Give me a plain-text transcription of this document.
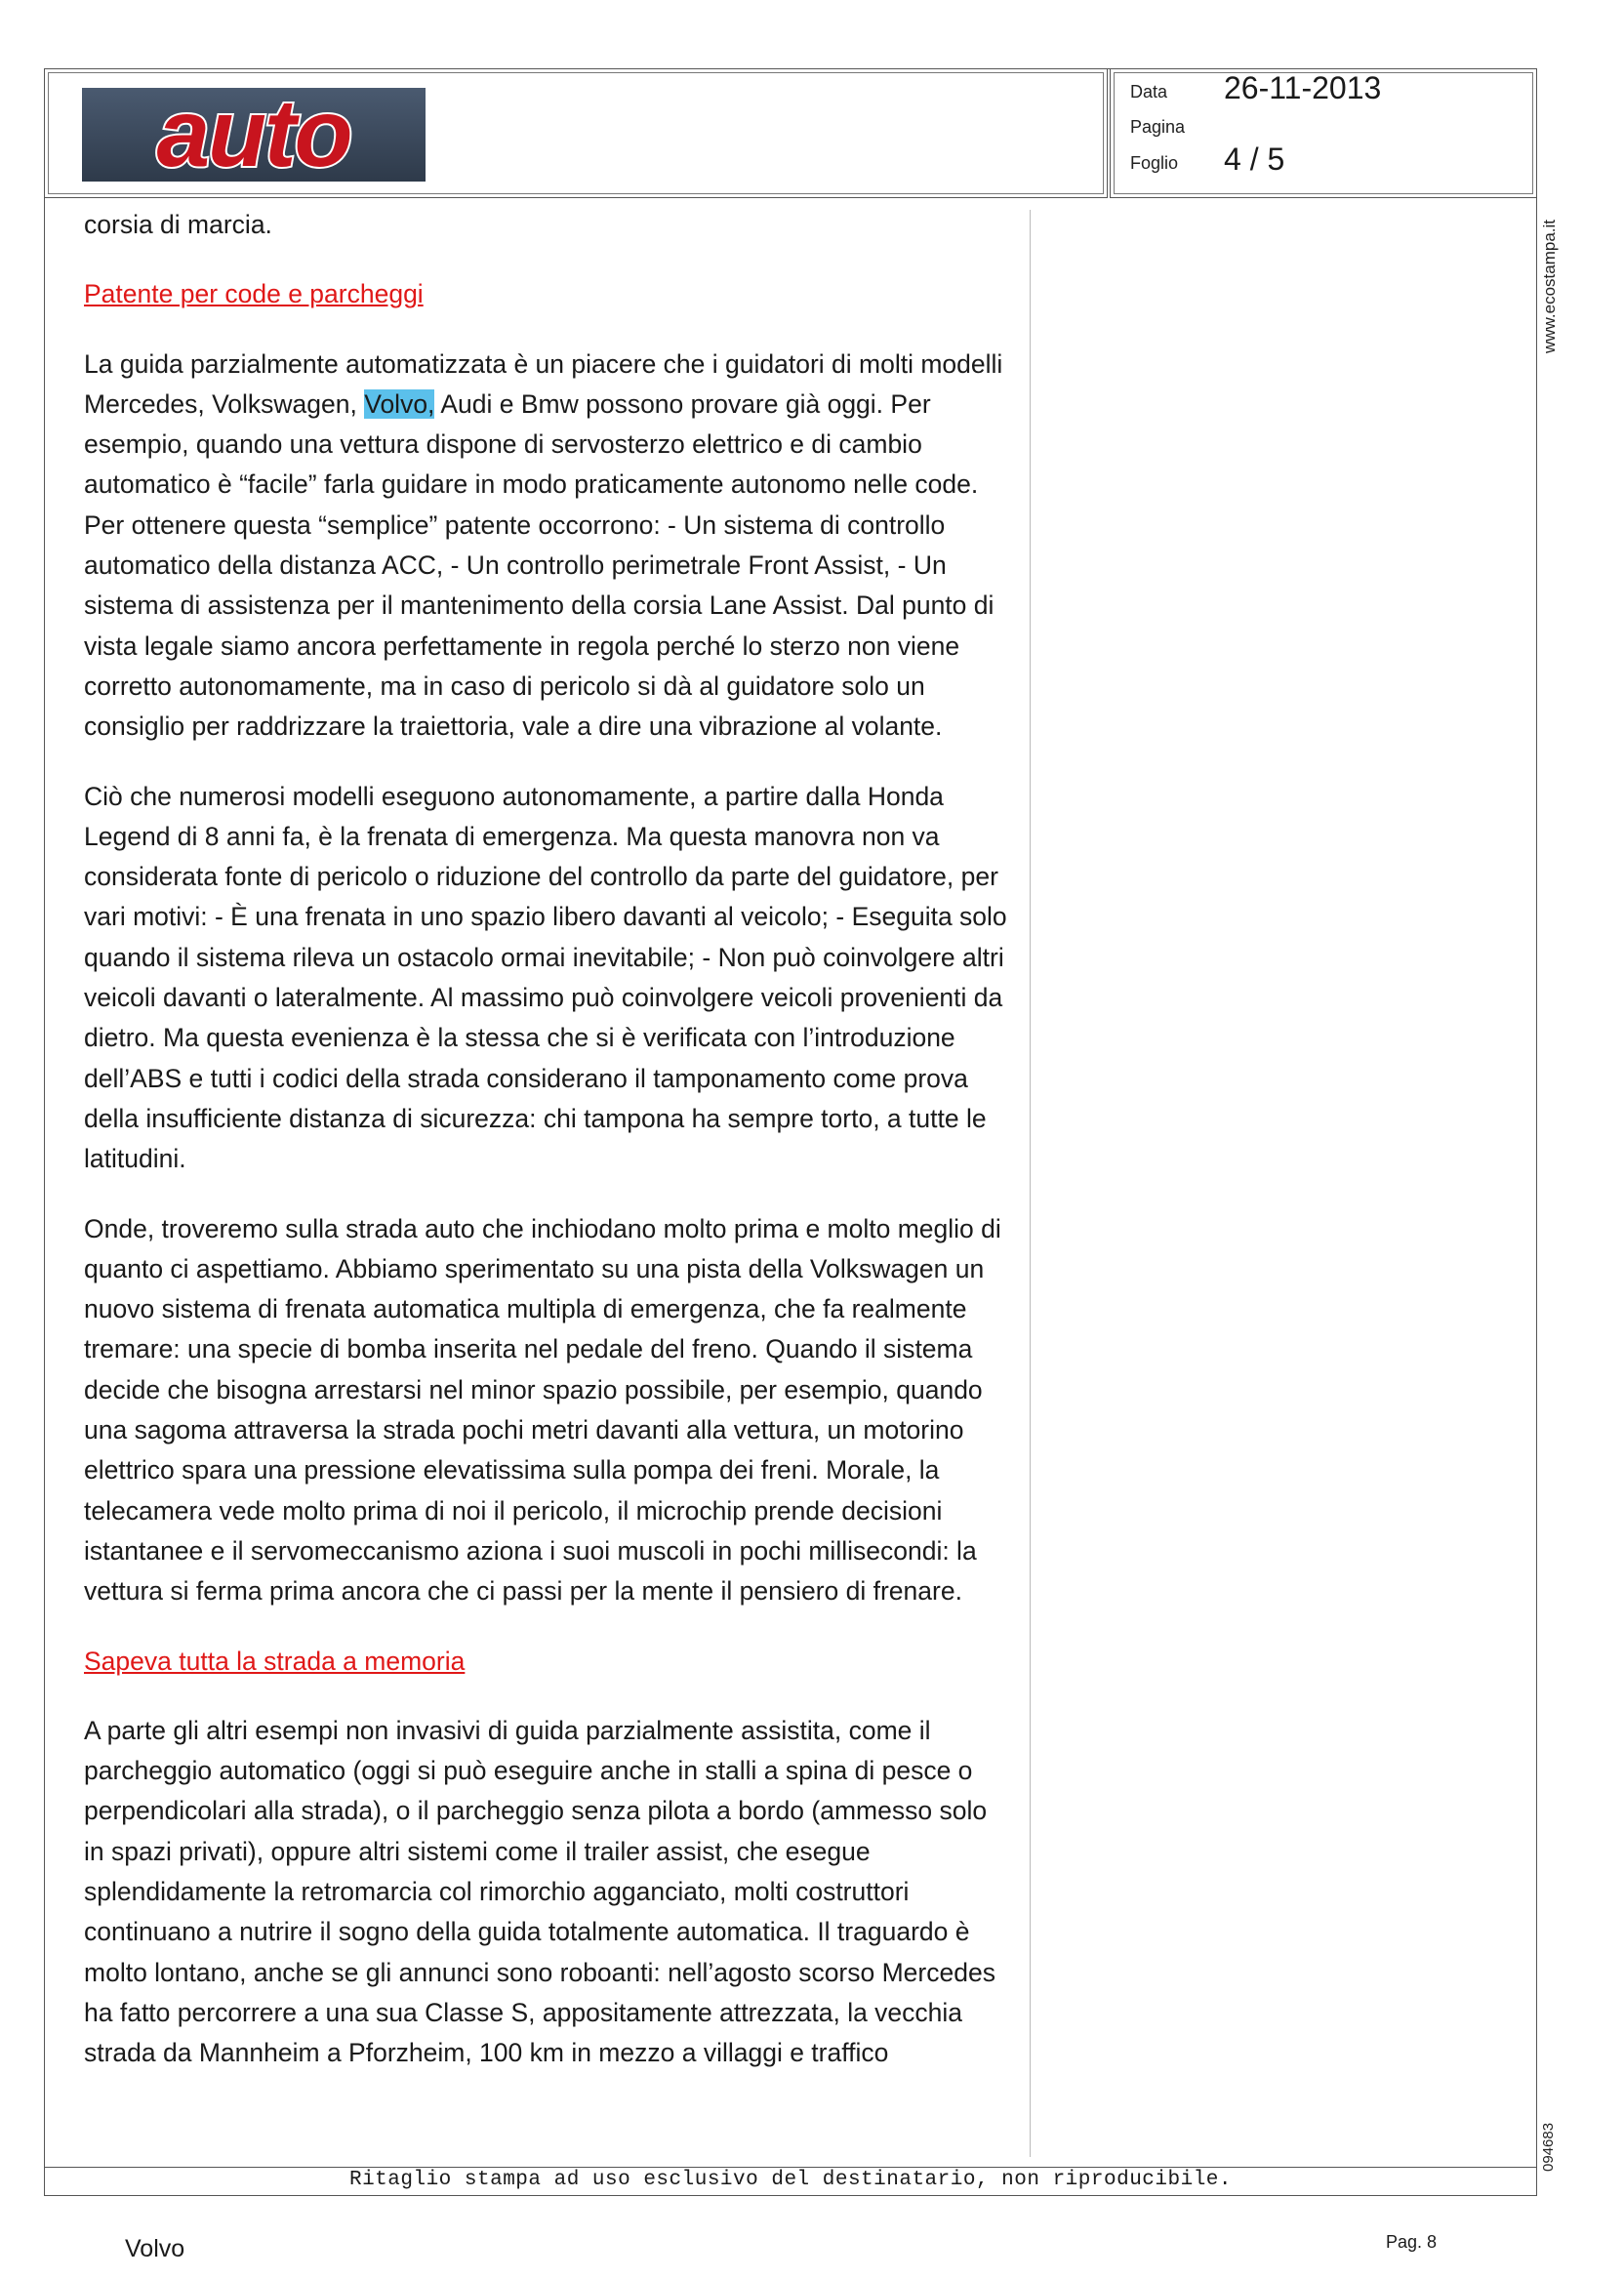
auto	Data 26-11-2013
Pagina
Foglio 4 / 5

corsia di marcia.

Patente per code e parcheggi

La guida parzialmente automatizzata è un piacere che i guidatori di molti modelli Mercedes, Volkswagen, Volvo, Audi e Bmw possono provare già oggi. Per esempio, quando una vettura dispone di servosterzo elettrico e di cambio automatico è “facile” farla guidare in modo praticamente autonomo nelle code. Per ottenere questa “semplice” patente occorrono: - Un sistema di controllo automatico della distanza ACC, - Un controllo perimetrale Front Assist, - Un sistema di assistenza per il mantenimento della corsia Lane Assist. Dal punto di vista legale siamo ancora perfettamente in regola perché lo sterzo non viene corretto autonomamente, ma in caso di pericolo si dà al guidatore solo un consiglio per raddrizzare la traiettoria, vale a dire una vibrazione al volante.

Ciò che numerosi modelli eseguono autonomamente, a partire dalla Honda Legend di 8 anni fa, è la frenata di emergenza. Ma questa manovra non va considerata fonte di pericolo o riduzione del controllo da parte del guidatore, per vari motivi: - È una frenata in uno spazio libero davanti al veicolo; - Eseguita solo quando il sistema rileva un ostacolo ormai inevitabile; - Non può coinvolgere altri veicoli davanti o lateralmente. Al massimo può coinvolgere veicoli provenienti da dietro. Ma questa evenienza è la stessa che si è verificata con l’introduzione dell’ABS e tutti i codici della strada considerano il tamponamento come prova della insufficiente distanza di sicurezza: chi tampona ha sempre torto, a tutte le latitudini.

Onde, troveremo sulla strada auto che inchiodano molto prima e molto meglio di quanto ci aspettiamo. Abbiamo sperimentato su una pista della Volkswagen un nuovo sistema di frenata automatica multipla di emergenza, che fa realmente tremare: una specie di bomba inserita nel pedale del freno. Quando il sistema decide che bisogna arrestarsi nel minor spazio possibile, per esempio, quando una sagoma attraversa la strada pochi metri davanti alla vettura, un motorino elettrico spara una pressione elevatissima sulla pompa dei freni. Morale, la telecamera vede molto prima di noi il pericolo, il microchip prende decisioni istantanee e il servomeccanismo aziona i suoi muscoli in pochi millisecondi: la vettura si ferma prima ancora che ci passi per la mente il pensiero di frenare.

Sapeva tutta la strada a memoria

A parte gli altri esempi non invasivi di guida parzialmente assistita, come il parcheggio automatico (oggi si può eseguire anche in stalli a spina di pesce o perpendicolari alla strada), o il parcheggio senza pilota a bordo (ammesso solo in spazi privati), oppure altri sistemi come il trailer assist, che esegue splendidamente la retromarcia col rimorchio agganciato, molti costruttori continuano a nutrire il sogno della guida totalmente automatica. Il traguardo è molto lontano, anche se gli annunci sono roboanti: nell’agosto scorso Mercedes ha fatto percorrere a una sua Classe S, appositamente attrezzata, la vecchia strada da Mannheim a Pforzheim, 100 km in mezzo a villaggi e traffico

www.ecostampa.it
094683
Ritaglio stampa ad uso esclusivo del destinatario, non riproducibile.
Volvo	Pag. 8
